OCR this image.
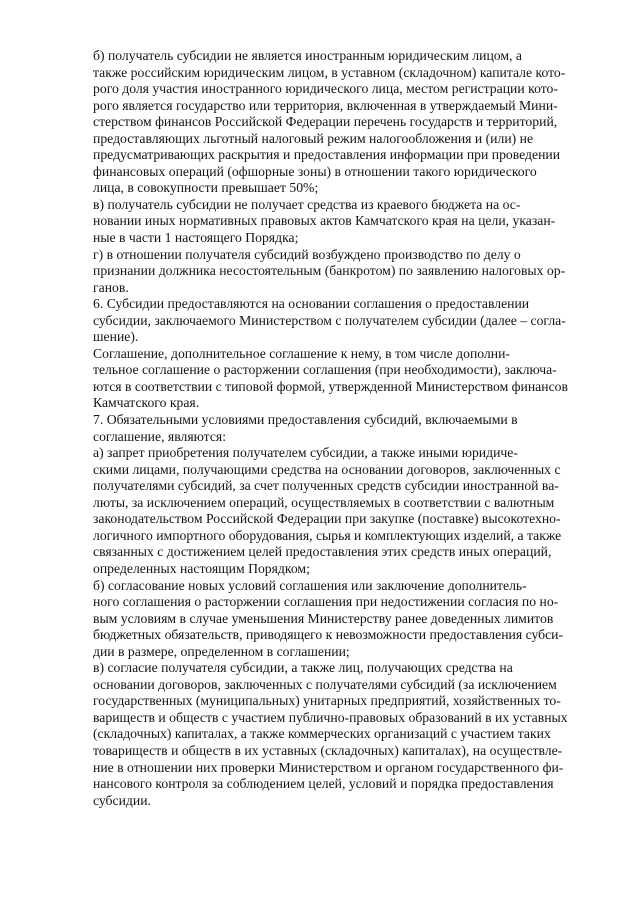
б) получатель субсидии не является иностранным юридическим лицом, а
также российским юридическим лицом, в уставном (складочном) капитале кото-
рого доля участия иностранного юридического лица, местом регистрации кото-
рого является государство или территория, включенная в утверждаемый Мини-
стерством финансов Российской Федерации перечень государств и территорий,
предоставляющих льготный налоговый режим налогообложения и (или) не
предусматривающих раскрытия и предоставления информации при проведении
финансовых операций (офшорные зоны) в отношении такого юридического
лица, в совокупности превышает 50%;

в) получатель субсидии не получает средства из краевого бюджета на ос-
новании иных нормативных правовых актов Камчатского края на цели, указан-
ные в части 1 настоящего Порядка;

г) в отношении получателя субсидий возбуждено производство по делу о
признании должника несостоятельным (банкротом) по заявлению налоговых ор-
ганов.

6. Субсидии предоставляются на основании соглашения о предоставлении
субсидии, заключаемого Министерством с получателем субсидии (далее – согла-
шение).

Соглашение, дополнительное соглашение к нему, в том числе дополни-
тельное соглашение о расторжении соглашения (при необходимости), заключа-
ются в соответствии с типовой формой, утвержденной Министерством финансов
Камчатского края.

7. Обязательными условиями предоставления субсидий, включаемыми в
соглашение, являются:

а) запрет приобретения получателем субсидии, а также иными юридиче-
скими лицами, получающими средства на основании договоров, заключенных с
получателями субсидий, за счет полученных средств субсидии иностранной ва-
люты, за исключением операций, осуществляемых в соответствии с валютным
законодательством Российской Федерации при закупке (поставке) высокотехно-
логичного импортного оборудования, сырья и комплектующих изделий, а также
связанных с достижением целей предоставления этих средств иных операций,
определенных настоящим Порядком;

б) согласование новых условий соглашения или заключение дополнитель-
ного соглашения о расторжении соглашения при недостижении согласия по но-
вым условиям в случае уменьшения Министерству ранее доведенных лимитов
бюджетных обязательств, приводящего к невозможности предоставления субси-
дии в размере, определенном в соглашении;

в) согласие получателя субсидии, а также лиц, получающих средства на
основании договоров, заключенных с получателями субсидий (за исключением
государственных (муниципальных) унитарных предприятий, хозяйственных то-
вариществ и обществ с участием публично-правовых образований в их уставных
(складочных) капиталах, а также коммерческих организаций с участием таких
товариществ и обществ в их уставных (складочных) капиталах), на осуществле-
ние в отношении них проверки Министерством и органом государственного фи-
нансового контроля за соблюдением целей, условий и порядка предоставления
субсидии.
